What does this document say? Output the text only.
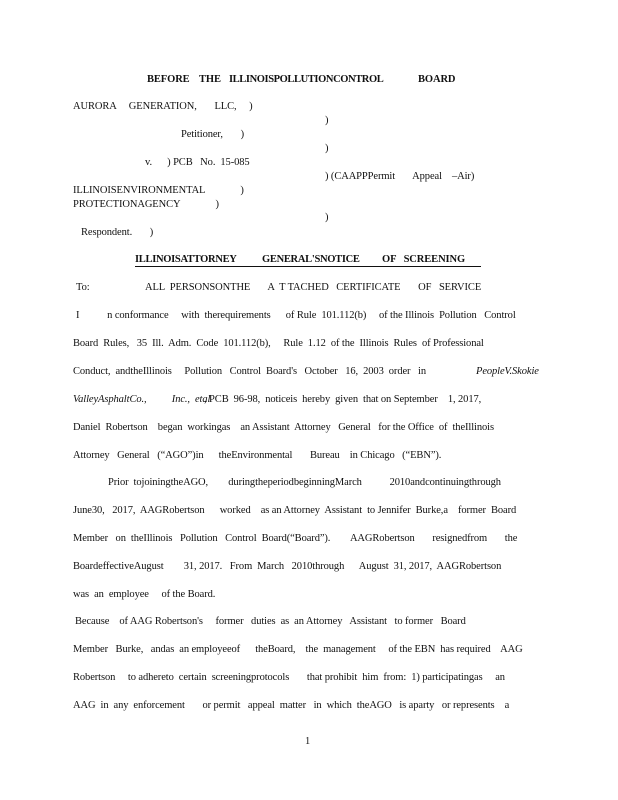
BEFORE THE ILLINOISPOLLUTIONCONTROL	BOARD
AURORA     GENERATION,       LLC,     )
)
Petitioner,       )
)
v.      ) PCB   No.  15-085
) (CAAPPPermit       Appeal    –Air)
ILLINOISENVIRONMENTAL              )
PROTECTIONAGENCY              )
)
Respondent.       )
ILLINOISATTORNEY GENERAL'SNOTICE OF   SCREENING
To:	ALL  PERSONSONTHE       A  T TACHED   CERTIFICATE       OF   SERVICE
I           n conformance     with  therequirements      of Rule  101.112(b)     of the Illinois  Pollution   Control
Board  Rules,   35  Ill.  Adm.  Code  101.112(b),     Rule  1.12  of the  Illinois  Rules  of Professional
Conduct,  andtheIllinois     Pollution   Control  Board's   October   16,  2003  order   in	PeopleV.Skokie
ValleyAsphaltCo.,          Inc.,  etal
, PCB  96-98,  noticeis  hereby  given  that on September    1, 2017,
Daniel  Robertson    began  workingas    an Assistant  Attorney   General   for the Office  of  theIllinois
Attorney   General   (“AGO”)in      theEnvironmental       Bureau    in Chicago   (“EBN”).
Prior  tojoiningtheAGO,        duringtheperiodbeginningMarch           2010andcontinuingthrough
June30,   2017,  AAGRobertson      worked    as an Attorney  Assistant  to Jennifer  Burke,a    former  Board
Member   on  theIllinois   Pollution   Control  Board(“Board”).        AAGRobertson       resignedfrom       the
BoardeffectiveAugust        31, 2017.   From  March   2010through      August  31, 2017,  AAGRobertson
was  an  employee     of the Board.
Because    of AAG Robertson's     former   duties  as  an Attorney   Assistant   to former   Board
Member   Burke,   andas  an employeeof      theBoard,    the  management     of the EBN  has required    AAG
Robertson     to adhereto  certain  screeningprotocols       that prohibit  him  from:  1) participatingas     an
AAG  in  any  enforcement       or permit   appeal  matter   in  which  theAGO   is aparty   or represents    a
1
